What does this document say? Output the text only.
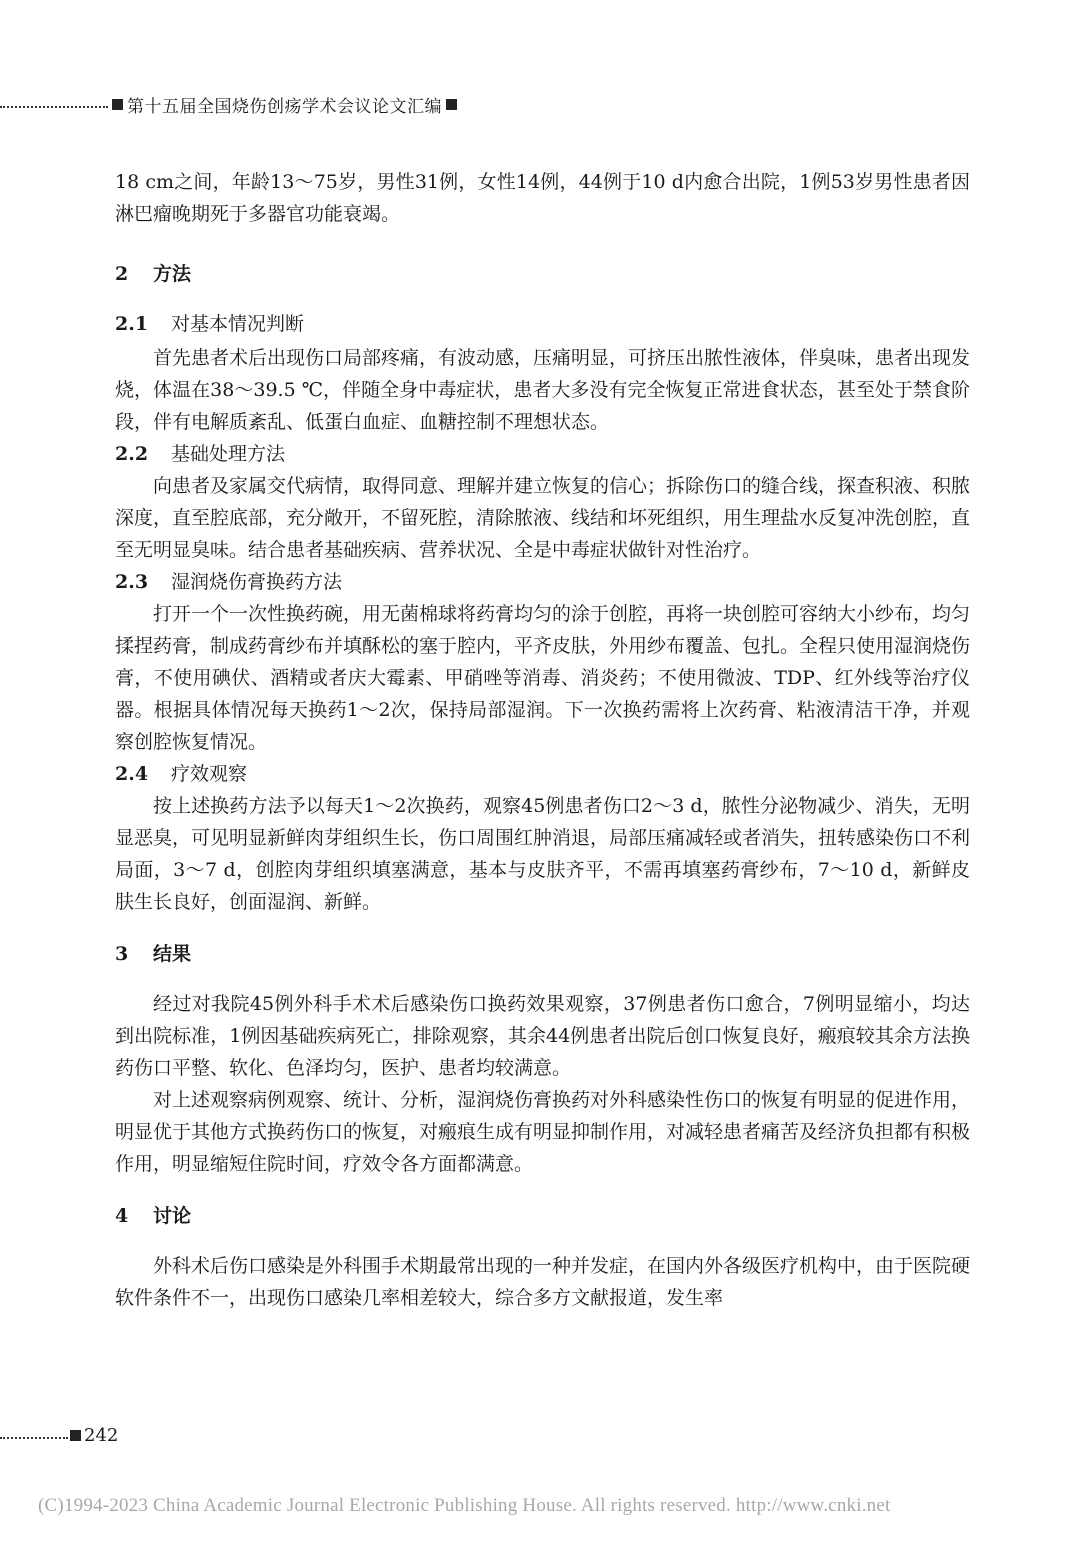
第十五届全国烧伤创疡学术会议论文汇编

18 cm之间，年龄13～75岁，男性31例，女性14例，44例于10 d内愈合出院，1例53岁男性患者因淋巴瘤晚期死于多器官功能衰竭。

2 方法
2.1 对基本情况判断

首先患者术后出现伤口局部疼痛，有波动感，压痛明显，可挤压出脓性液体，伴臭味，患者出现发烧，体温在38～39.5 ℃，伴随全身中毒症状，患者大多没有完全恢复正常进食状态，甚至处于禁食阶段，伴有电解质紊乱、低蛋白血症、血糖控制不理想状态。

2.2 基础处理方法

向患者及家属交代病情，取得同意、理解并建立恢复的信心；拆除伤口的缝合线，探查积液、积脓深度，直至腔底部，充分敞开，不留死腔，清除脓液、线结和坏死组织，用生理盐水反复冲洗创腔，直至无明显臭味。结合患者基础疾病、营养状况、全是中毒症状做针对性治疗。

2.3 湿润烧伤膏换药方法

打开一个一次性换药碗，用无菌棉球将药膏均匀的涂于创腔，再将一块创腔可容纳大小纱布，均匀揉捏药膏，制成药膏纱布并填酥松的塞于腔内，平齐皮肤，外用纱布覆盖、包扎。全程只使用湿润烧伤膏，不使用碘伏、酒精或者庆大霉素、甲硝唑等消毒、消炎药；不使用微波、TDP、红外线等治疗仪器。根据具体情况每天换药1～2次，保持局部湿润。下一次换药需将上次药膏、粘液清洁干净，并观察创腔恢复情况。

2.4 疗效观察

按上述换药方法予以每天1～2次换药，观察45例患者伤口2～3 d，脓性分泌物减少、消失，无明显恶臭，可见明显新鲜肉芽组织生长，伤口周围红肿消退，局部压痛减轻或者消失，扭转感染伤口不利局面，3～7 d，创腔肉芽组织填塞满意，基本与皮肤齐平，不需再填塞药膏纱布，7～10 d，新鲜皮肤生长良好，创面湿润、新鲜。

3 结果

经过对我院45例外科手术术后感染伤口换药效果观察，37例患者伤口愈合，7例明显缩小，均达到出院标准，1例因基础疾病死亡，排除观察，其余44例患者出院后创口恢复良好，瘢痕较其余方法换药伤口平整、软化、色泽均匀，医护、患者均较满意。

对上述观察病例观察、统计、分析，湿润烧伤膏换药对外科感染性伤口的恢复有明显的促进作用，明显优于其他方式换药伤口的恢复，对瘢痕生成有明显抑制作用，对减轻患者痛苦及经济负担都有积极作用，明显缩短住院时间，疗效令各方面都满意。

4 讨论

外科术后伤口感染是外科围手术期最常出现的一种并发症，在国内外各级医疗机构中，由于医院硬软件条件不一，出现伤口感染几率相差较大，综合多方文献报道，发生率

242
(C)1994-2023 China Academic Journal Electronic Publishing House. All rights reserved. http://www.cnki.net
